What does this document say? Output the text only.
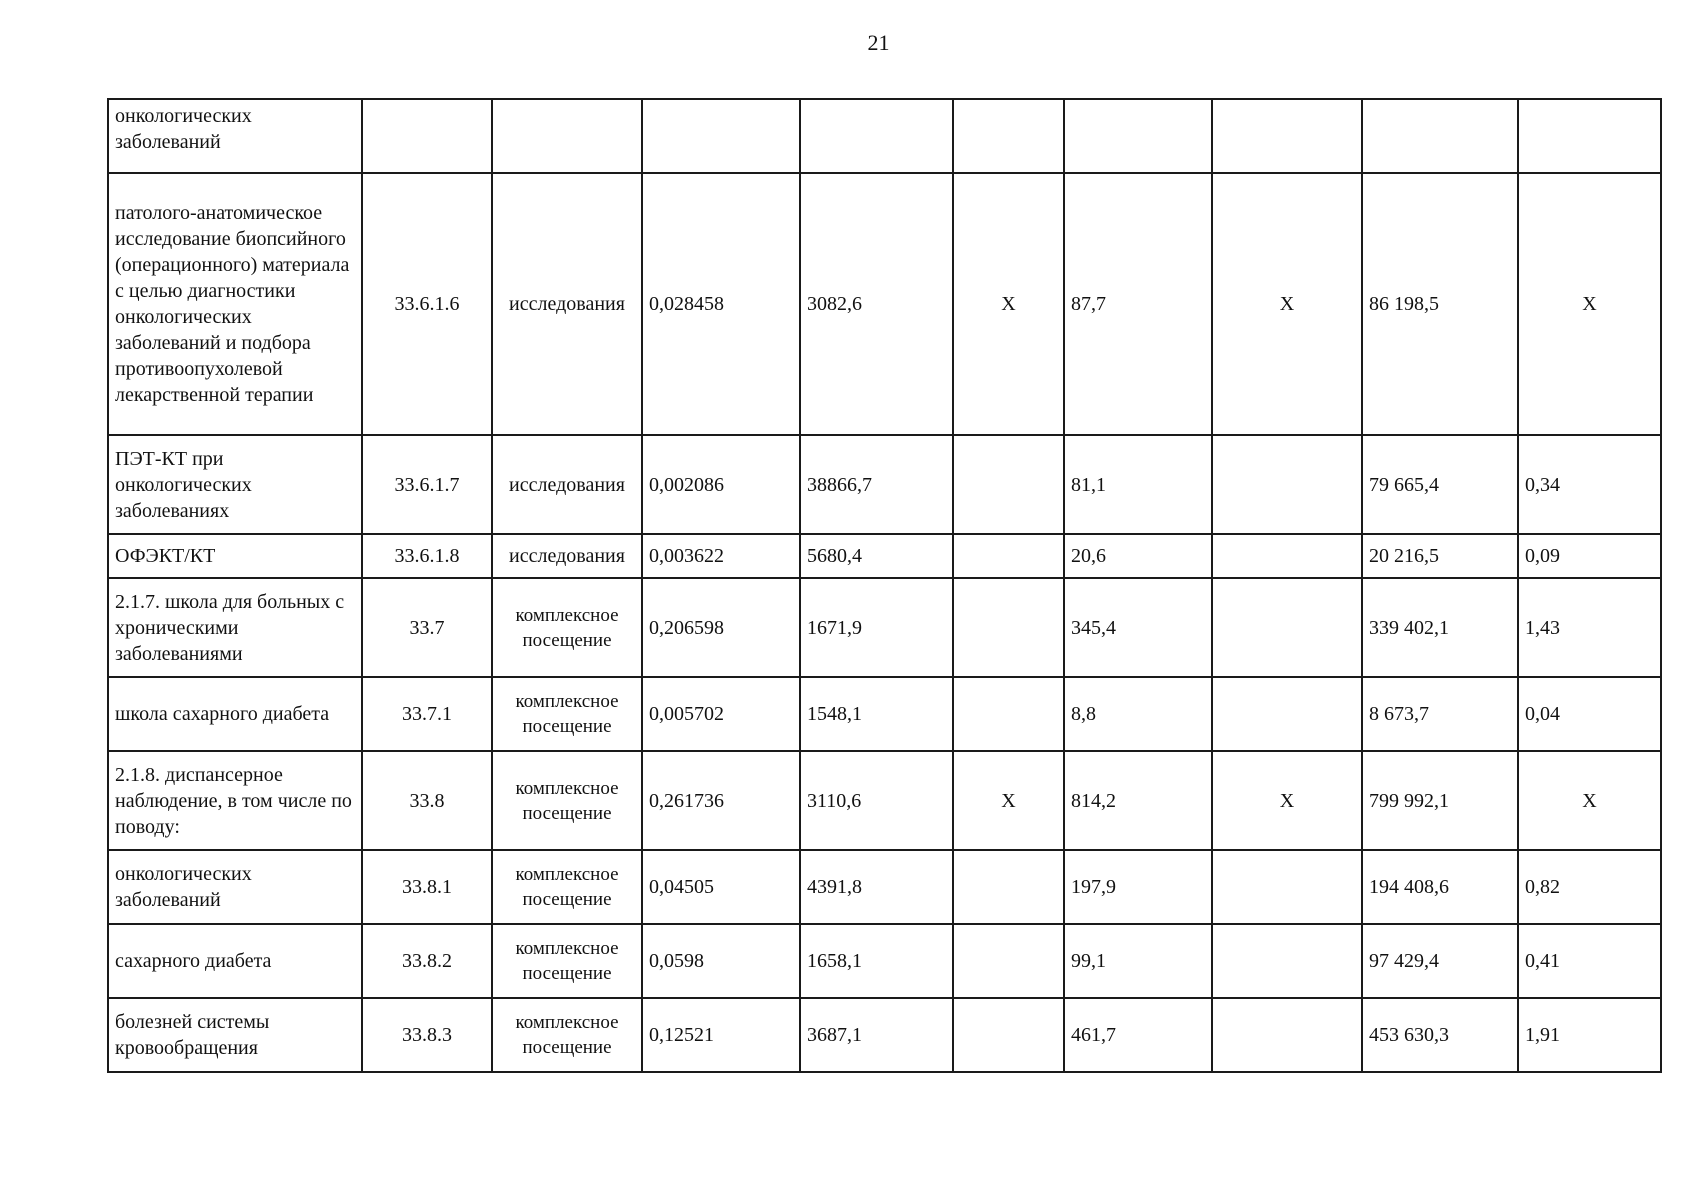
21
онкологических заболеваний									
патолого-анатомическое исследование биопсийного (операционного) материала с целью диагностики онкологических заболеваний и подбора противоопухолевой лекарственной терапии	33.6.1.6	исследования	0,028458	3082,6	Х	87,7	Х	86 198,5	Х
ПЭТ-КТ при онкологических заболеваниях	33.6.1.7	исследования	0,002086	38866,7		81,1		79 665,4	0,34
ОФЭКТ/КТ	33.6.1.8	исследования	0,003622	5680,4		20,6		20 216,5	0,09
2.1.7. школа для больных с хроническими заболеваниями	33.7	комплексное посещение	0,206598	1671,9		345,4		339 402,1	1,43
школа сахарного диабета	33.7.1	комплексное посещение	0,005702	1548,1		8,8		8 673,7	0,04
2.1.8. диспансерное наблюдение, в том числе по поводу:	33.8	комплексное посещение	0,261736	3110,6	Х	814,2	Х	799 992,1	Х
онкологических заболеваний	33.8.1	комплексное посещение	0,04505	4391,8		197,9		194 408,6	0,82
сахарного диабета	33.8.2	комплексное посещение	0,0598	1658,1		99,1		97 429,4	0,41
болезней системы кровообращения	33.8.3	комплексное посещение	0,12521	3687,1		461,7		453 630,3	1,91
